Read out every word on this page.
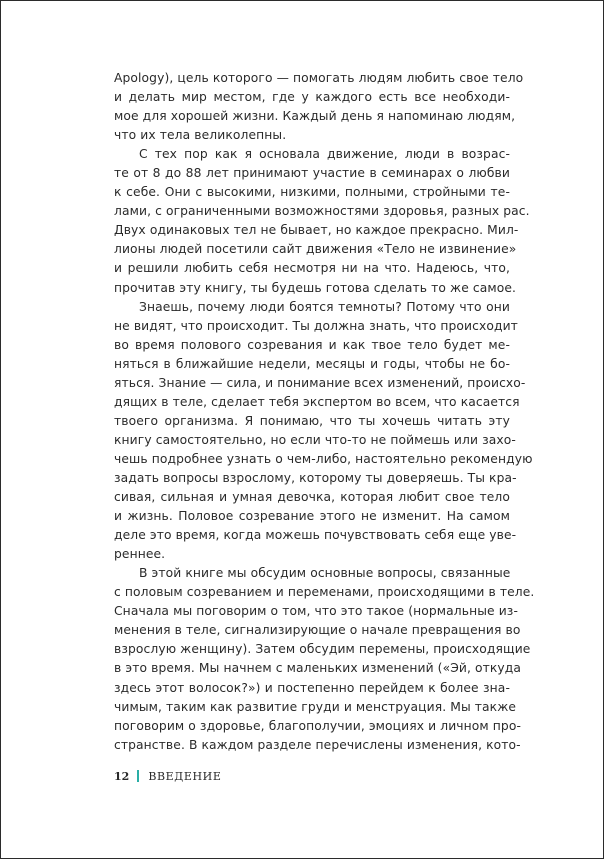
Apology), цель которого — помогать людям любить свое тело
и делать мир местом, где у каждого есть все необходи-
мое для хорошей жизни. Каждый день я напоминаю людям,
что их тела великолепны.
С тех пор как я основала движение, люди в возрас-
те от 8 до 88 лет принимают участие в семинарах о любви
к себе. Они с высокими, низкими, полными, стройными те-
лами, с ограниченными возможностями здоровья, разных рас.
Двух одинаковых тел не бывает, но каждое прекрасно. Мил-
лионы людей посетили сайт движения «Тело не извинение»
и решили любить себя несмотря ни на что. Надеюсь, что,
прочитав эту книгу, ты будешь готова сделать то же самое.
Знаешь, почему люди боятся темноты? Потому что они
не видят, что происходит. Ты должна знать, что происходит
во время полового созревания и как твое тело будет ме-
няться в ближайшие недели, месяцы и годы, чтобы не бо-
яться. Знание — сила, и понимание всех изменений, происхо-
дящих в теле, сделает тебя экспертом во всем, что касается
твоего организма. Я понимаю, что ты хочешь читать эту
книгу самостоятельно, но если что-то не поймешь или захо-
чешь подробнее узнать о чем-либо, настоятельно рекомендую
задать вопросы взрослому, которому ты доверяешь. Ты кра-
сивая, сильная и умная девочка, которая любит свое тело
и жизнь. Половое созревание этого не изменит. На самом
деле это время, когда можешь почувствовать себя еще уве-
реннее.
В этой книге мы обсудим основные вопросы, связанные
с половым созреванием и переменами, происходящими в теле.
Сначала мы поговорим о том, что это такое (нормальные из-
менения в теле, сигнализирующие о начале превращения во
взрослую женщину). Затем обсудим перемены, происходящие
в это время. Мы начнем с маленьких изменений («Эй, откуда
здесь этот волосок?») и постепенно перейдем к более зна-
чимым, таким как развитие груди и менструация. Мы также
поговорим о здоровье, благополучии, эмоциях и личном про-
странстве. В каждом разделе перечислены изменения, кото-
12 ВВЕДЕНИЕ
